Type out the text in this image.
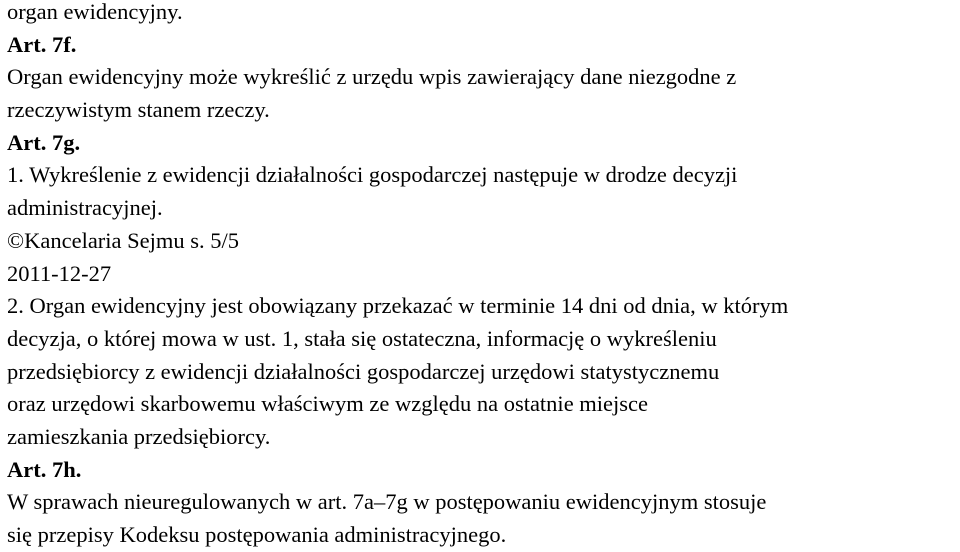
organ ewidencyjny.
Art. 7f.
Organ ewidencyjny może wykreślić z urzędu wpis zawierający dane niezgodne z
rzeczywistym stanem rzeczy.
Art. 7g.
1. Wykreślenie z ewidencji działalności gospodarczej następuje w drodze decyzji
administracyjnej.
©Kancelaria Sejmu s. 5/5
2011-12-27
2. Organ ewidencyjny jest obowiązany przekazać w terminie 14 dni od dnia, w którym
decyzja, o której mowa w ust. 1, stała się ostateczna, informację o wykreśleniu
przedsiębiorcy z ewidencji działalności gospodarczej urzędowi statystycznemu
oraz urzędowi skarbowemu właściwym ze względu na ostatnie miejsce
zamieszkania przedsiębiorcy.
Art. 7h.
W sprawach nieuregulowanych w art. 7a–7g w postępowaniu ewidencyjnym stosuje
się przepisy Kodeksu postępowania administracyjnego.
